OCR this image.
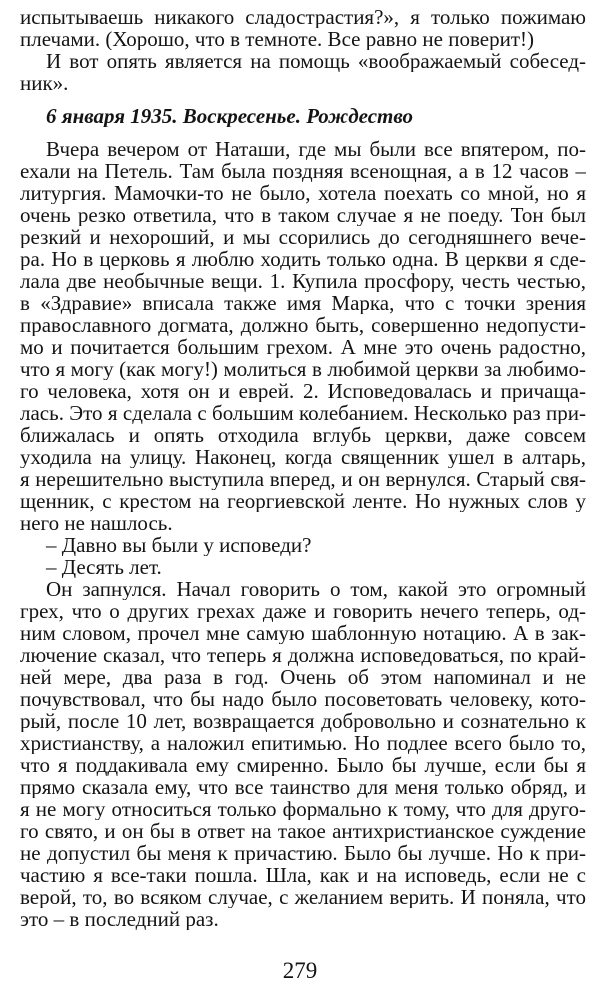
испытываешь никакого сладострастия?», я только пожимаю
плечами. (Хорошо, что в темноте. Все равно не поверит!)
И вот опять является на помощь «воображаемый собесед-
ник».
6 января 1935. Воскресенье. Рождество
Вчера вечером от Наташи, где мы были все впятером, по-
ехали на Петель. Там была поздняя всенощная, а в 12 часов –
литургия. Мамочки-то не было, хотела поехать со мной, но я
очень резко ответила, что в таком случае я не поеду. Тон был
резкий и нехороший, и мы ссорились до сегодняшнего вече-
ра. Но в церковь я люблю ходить только одна. В церкви я сде-
лала две необычные вещи. 1. Купила просфору, честь честью,
в «Здравие» вписала также имя Марка, что с точки зрения
православного догмата, должно быть, совершенно недопусти-
мо и почитается большим грехом. А мне это очень радостно,
что я могу (как могу!) молиться в любимой церкви за любимо-
го человека, хотя он и еврей. 2. Исповедовалась и причаща-
лась. Это я сделала с большим колебанием. Несколько раз при-
ближалась и опять отходила вглубь церкви, даже совсем
уходила на улицу. Наконец, когда священник ушел в алтарь,
я нерешительно выступила вперед, и он вернулся. Старый свя-
щенник, с крестом на георгиевской ленте. Но нужных слов у
него не нашлось.
– Давно вы были у исповеди?
– Десять лет.
Он запнулся. Начал говорить о том, какой это огромный
грех, что о других грехах даже и говорить нечего теперь, од-
ним словом, прочел мне самую шаблонную нотацию. А в зак-
лючение сказал, что теперь я должна исповедоваться, по край-
ней мере, два раза в год. Очень об этом напоминал и не
почувствовал, что бы надо было посоветовать человеку, кото-
рый, после 10 лет, возвращается добровольно и сознательно к
христианству, а наложил епитимью. Но подлее всего было то,
что я поддакивала ему смиренно. Было бы лучше, если бы я
прямо сказала ему, что все таинство для меня только обряд, и
я не могу относиться только формально к тому, что для друго-
го свято, и он бы в ответ на такое антихристианское суждение
не допустил бы меня к причастию. Было бы лучше. Но к при-
частию я все-таки пошла. Шла, как и на исповедь, если не с
верой, то, во всяком случае, с желанием верить. И поняла, что
это – в последний раз.
279
